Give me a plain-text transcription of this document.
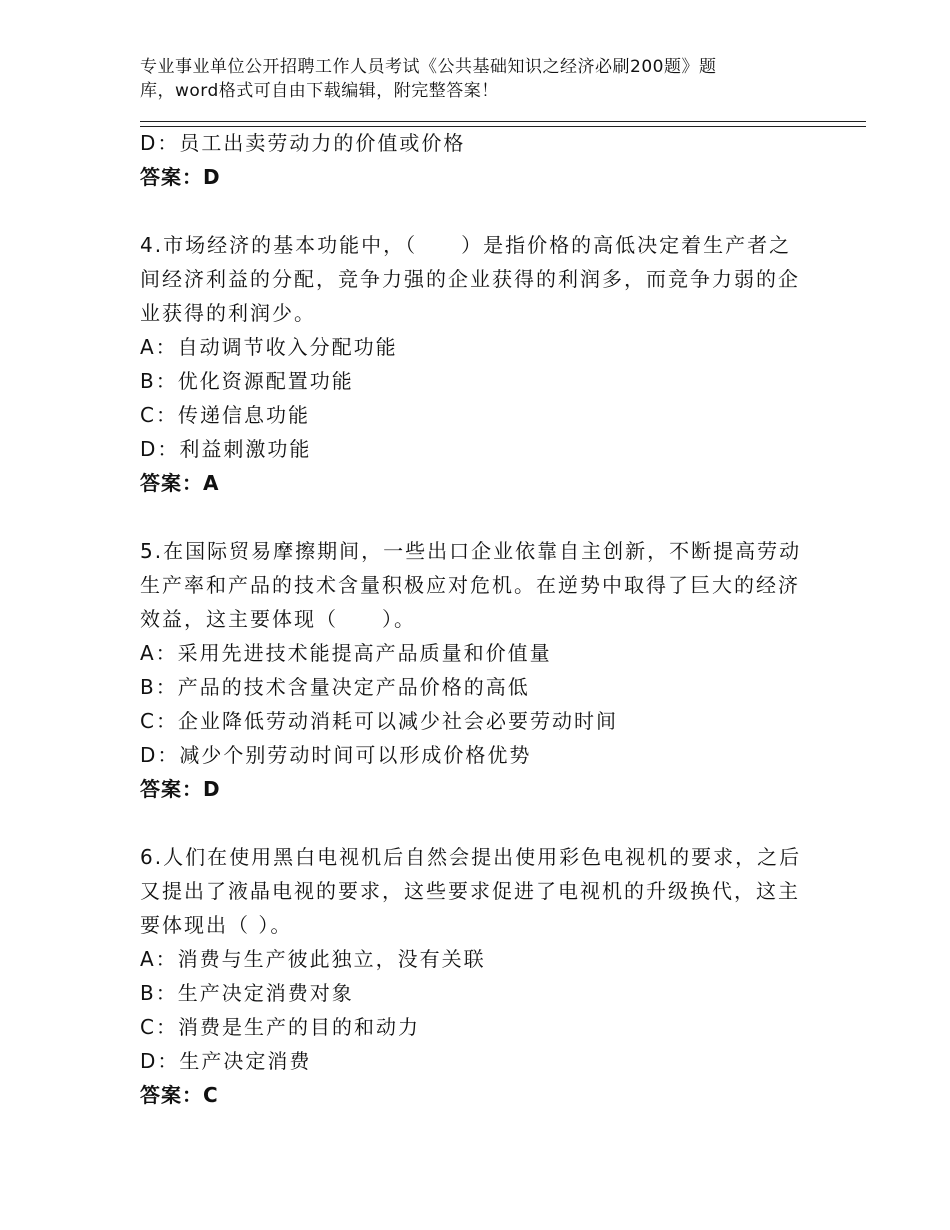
专业事业单位公开招聘工作人员考试《公共基础知识之经济必刷200题》题
库，word格式可自由下载编辑，附完整答案！
D：员工出卖劳动力的价值或价格
答案：D
4.市场经济的基本功能中，（　　）是指价格的高低决定着生产者之
间经济利益的分配，竞争力强的企业获得的利润多，而竞争力弱的企
业获得的利润少。
A：自动调节收入分配功能
B：优化资源配置功能
C：传递信息功能
D：利益刺激功能
答案：A
5.在国际贸易摩擦期间，一些出口企业依靠自主创新，不断提高劳动
生产率和产品的技术含量积极应对危机。在逆势中取得了巨大的经济
效益，这主要体现（　　）。
A：采用先进技术能提高产品质量和价值量
B：产品的技术含量决定产品价格的高低
C：企业降低劳动消耗可以减少社会必要劳动时间
D：减少个别劳动时间可以形成价格优势
答案：D
6.人们在使用黑白电视机后自然会提出使用彩色电视机的要求，之后
又提出了液晶电视的要求，这些要求促进了电视机的升级换代，这主
要体现出（ ）。
A：消费与生产彼此独立，没有关联
B：生产决定消费对象
C：消费是生产的目的和动力
D：生产决定消费
答案：C
